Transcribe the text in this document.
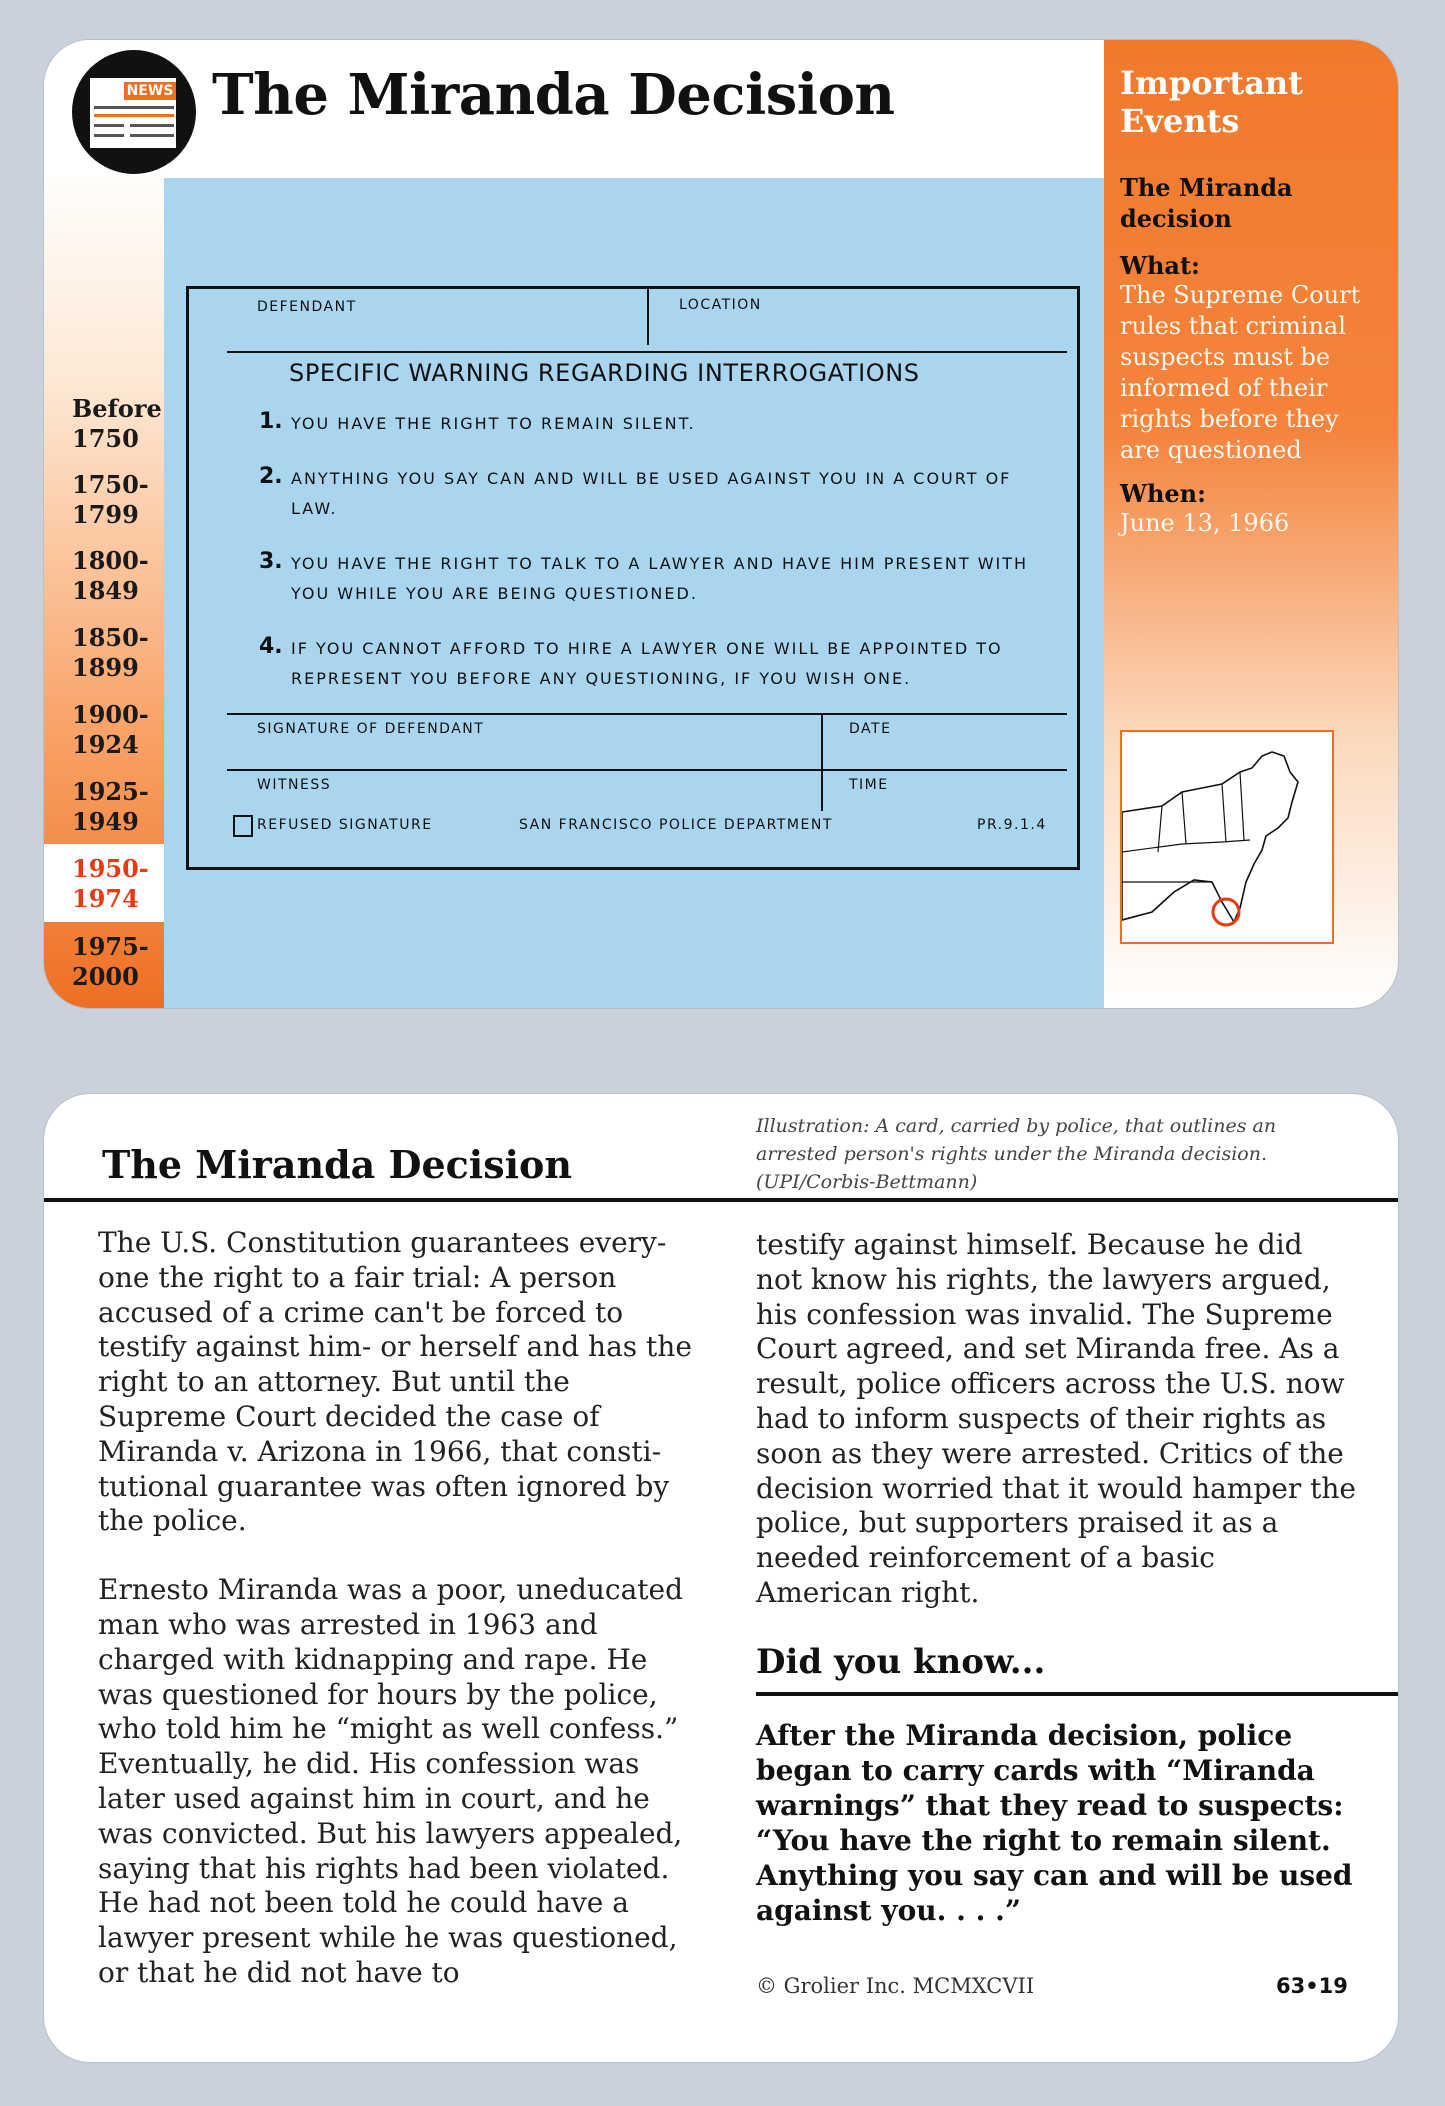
NEWS The Miranda Decision
Before 1750
1750-1799
1800-1849
1850-1899
1900-1924
1925-1949
1950-1974
1975-2000
DEFENDANT	LOCATION
SPECIFIC WARNING REGARDING INTERROGATIONS
1. YOU HAVE THE RIGHT TO REMAIN SILENT.
2. ANYTHING YOU SAY CAN AND WILL BE USED AGAINST YOU IN A COURT OF LAW.
3. YOU HAVE THE RIGHT TO TALK TO A LAWYER AND HAVE HIM PRESENT WITH YOU WHILE YOU ARE BEING QUESTIONED.
4. IF YOU CANNOT AFFORD TO HIRE A LAWYER ONE WILL BE APPOINTED TO REPRESENT YOU BEFORE ANY QUESTIONING, IF YOU WISH ONE.
SIGNATURE OF DEFENDANT	DATE
WITNESS	TIME
REFUSED SIGNATURE	SAN FRANCISCO POLICE DEPARTMENT	PR.9.1.4
Important Events
The Miranda decision
What:
The Supreme Court rules that criminal suspects must be informed of their rights before they are questioned
When:
June 13, 1966
The Miranda Decision
Illustration: A card, carried by police, that outlines an arrested person's rights under the Miranda decision. (UPI/Corbis-Bettmann)

The U.S. Constitution guarantees everyone the right to a fair trial: A person accused of a crime can't be forced to testify against him- or herself and has the right to an attorney. But until the Supreme Court decided the case of Miranda v. Arizona in 1966, that constitutional guarantee was often ignored by the police.

Ernesto Miranda was a poor, uneducated man who was arrested in 1963 and charged with kidnapping and rape. He was questioned for hours by the police, who told him he “might as well confess.” Eventually, he did. His confession was later used against him in court, and he was convicted. But his lawyers appealed, saying that his rights had been violated. He had not been told he could have a lawyer present while he was questioned, or that he did not have to

testify against himself. Because he did not know his rights, the lawyers argued, his confession was invalid. The Supreme Court agreed, and set Miranda free. As a result, police officers across the U.S. now had to inform suspects of their rights as soon as they were arrested. Critics of the decision worried that it would hamper the police, but supporters praised it as a needed reinforcement of a basic American right.

Did you know...
After the Miranda decision, police began to carry cards with “Miranda warnings” that they read to suspects: “You have the right to remain silent. Anything you say can and will be used against you. . . .”
© Grolier Inc. MCMXCVII	63•19
